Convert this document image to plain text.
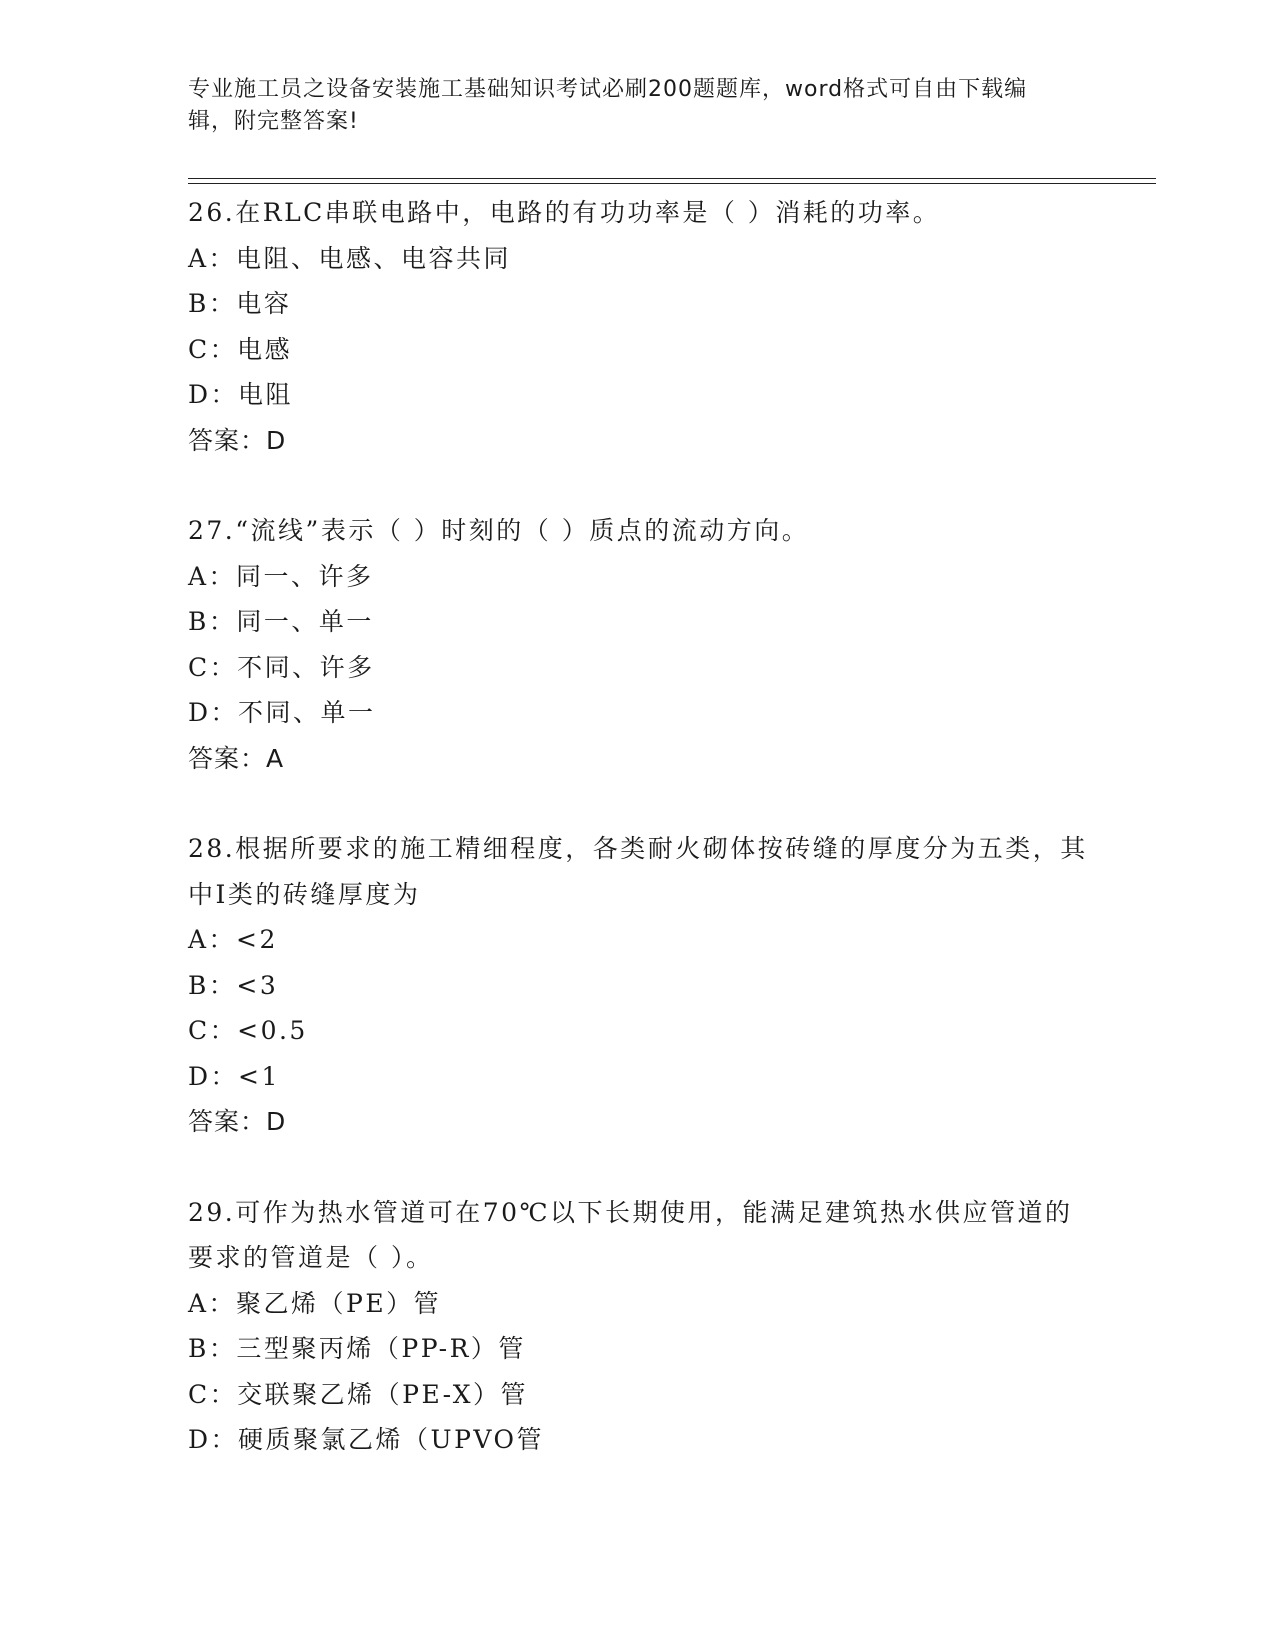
专业施工员之设备安装施工基础知识考试必刷200题题库，word格式可自由下载编辑，附完整答案!
26.在RLC串联电路中，电路的有功功率是（ ）消耗的功率。
A：电阻、电感、电容共同
B：电容
C：电感
D：电阻
答案：D
27.“流线”表示（ ）时刻的（ ）质点的流动方向。
A：同一、许多
B：同一、单一
C：不同、许多
D：不同、单一
答案：A
28.根据所要求的施工精细程度，各类耐火砌体按砖缝的厚度分为五类，其中Ⅰ类的砖缝厚度为
A：<2
B：<3
C：<0.5
D：<1
答案：D
29.可作为热水管道可在70℃以下长期使用，能满足建筑热水供应管道的要求的管道是（ ）。
A：聚乙烯（PE）管
B：三型聚丙烯（PP-R）管
C：交联聚乙烯（PE-X）管
D：硬质聚氯乙烯（UPVO管
